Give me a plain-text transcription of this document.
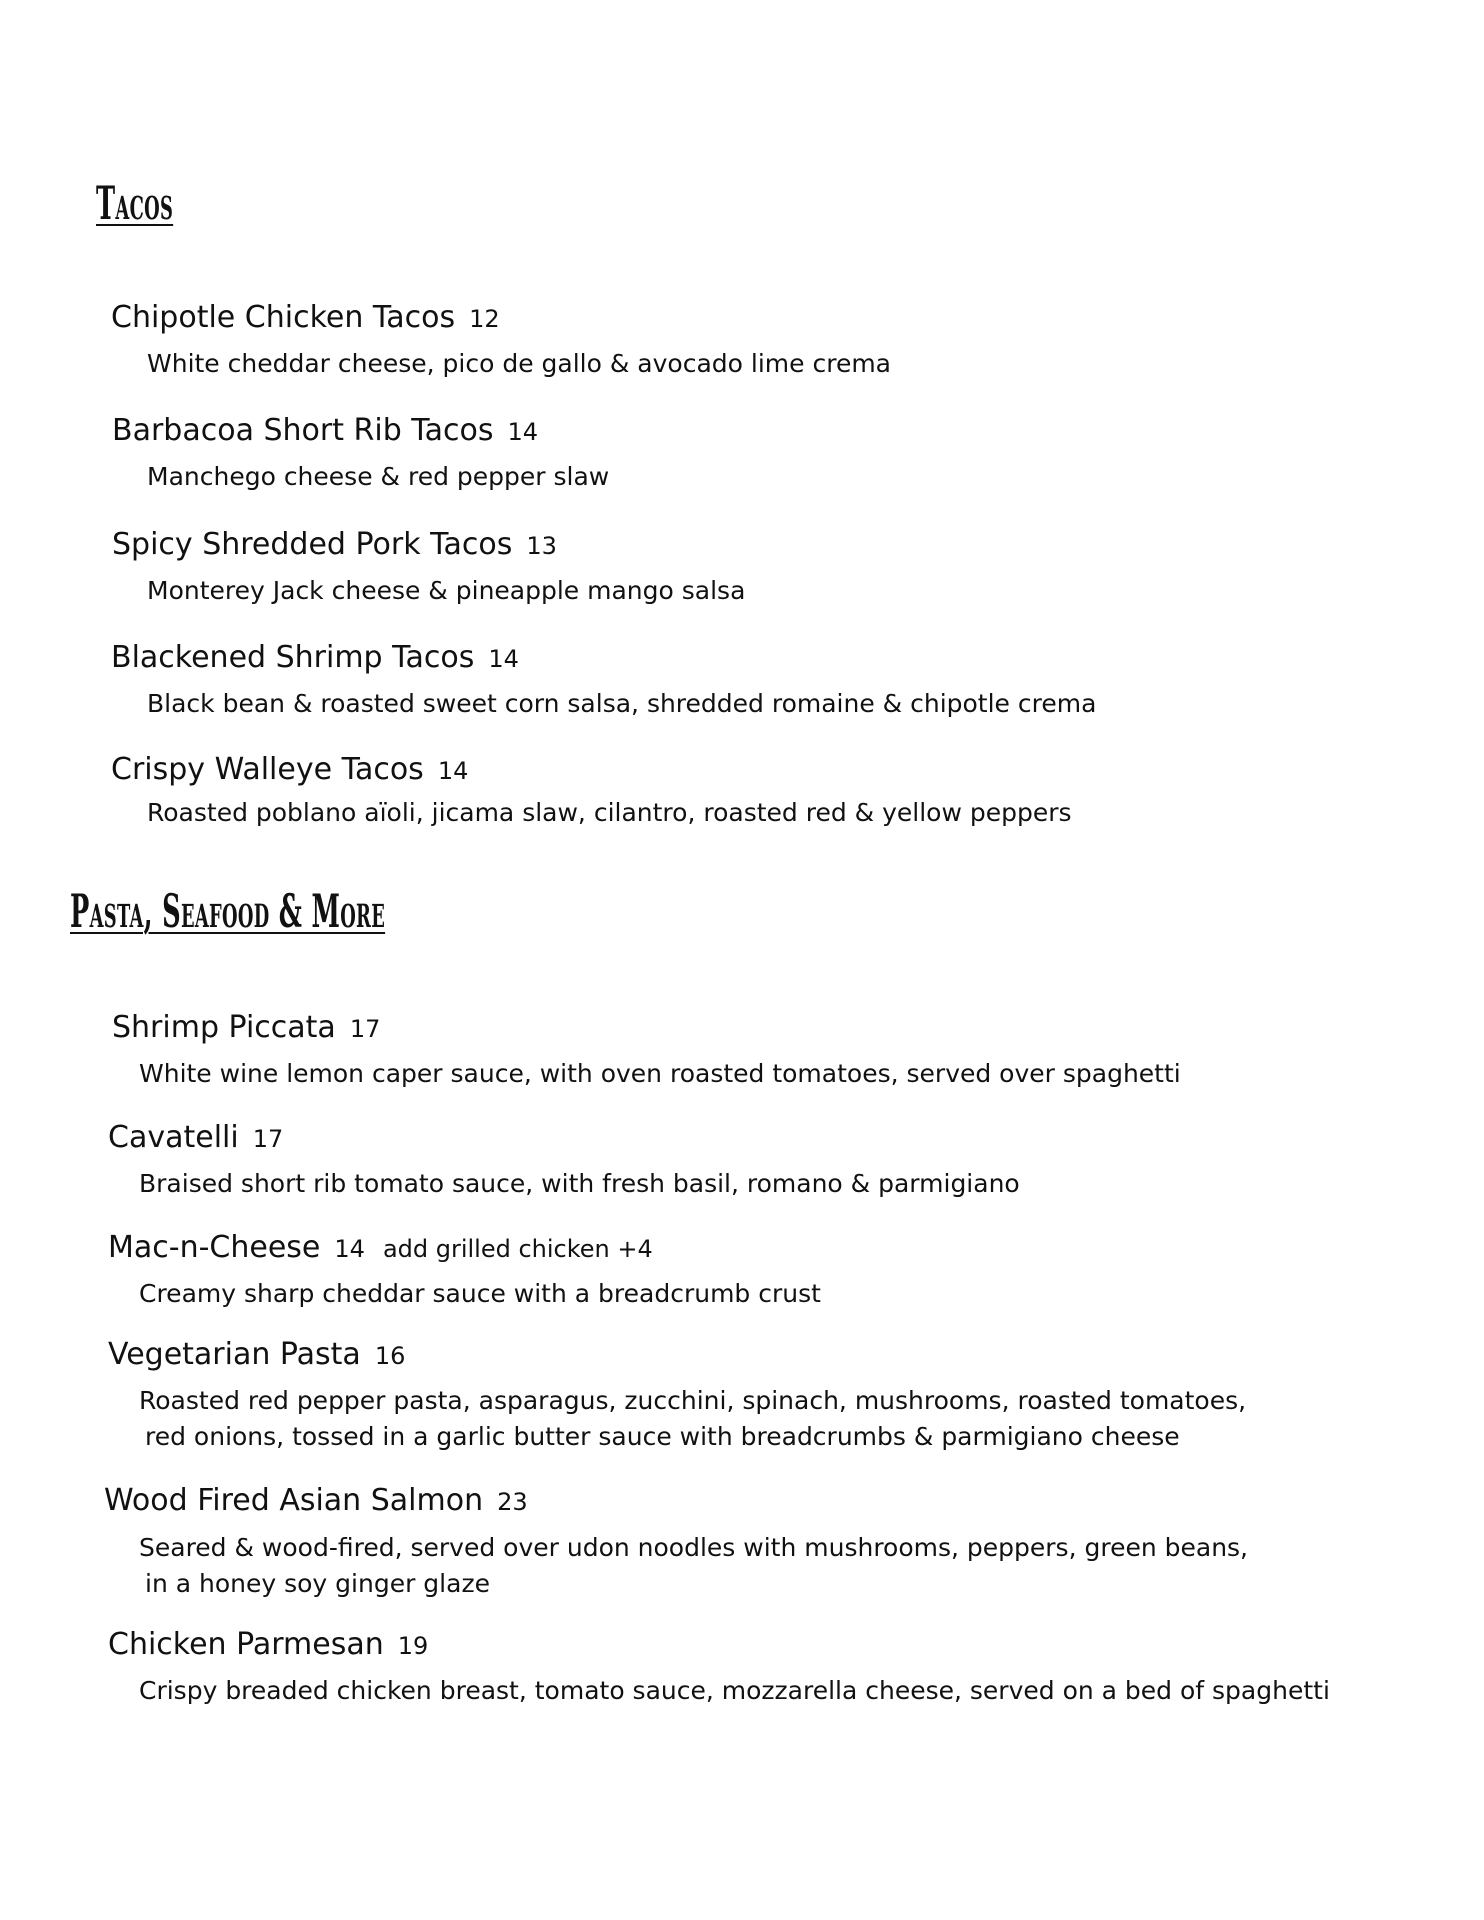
Tacos
Chipotle Chicken Tacos 12

White cheddar cheese, pico de gallo & avocado lime crema

Barbacoa Short Rib Tacos 14

Manchego cheese & red pepper slaw

Spicy Shredded Pork Tacos 13

Monterey Jack cheese & pineapple mango salsa

Blackened Shrimp Tacos 14

Black bean & roasted sweet corn salsa, shredded romaine & chipotle crema

Crispy Walleye Tacos 14

Roasted poblano aïoli, jicama slaw, cilantro, roasted red & yellow peppers

Pasta, Seafood & More
Shrimp Piccata 17

White wine lemon caper sauce, with oven roasted tomatoes, served over spaghetti

Cavatelli 17

Braised short rib tomato sauce, with fresh basil, romano & parmigiano

Mac-n-Cheese 14 add grilled chicken +4

Creamy sharp cheddar sauce with a breadcrumb crust

Vegetarian Pasta 16

Roasted red pepper pasta, asparagus, zucchini, spinach, mushrooms, roasted tomatoes,

red onions, tossed in a garlic butter sauce with breadcrumbs & parmigiano cheese

Wood Fired Asian Salmon 23

Seared & wood-fired, served over udon noodles with mushrooms, peppers, green beans,

in a honey soy ginger glaze

Chicken Parmesan 19

Crispy breaded chicken breast, tomato sauce, mozzarella cheese, served on a bed of spaghetti
